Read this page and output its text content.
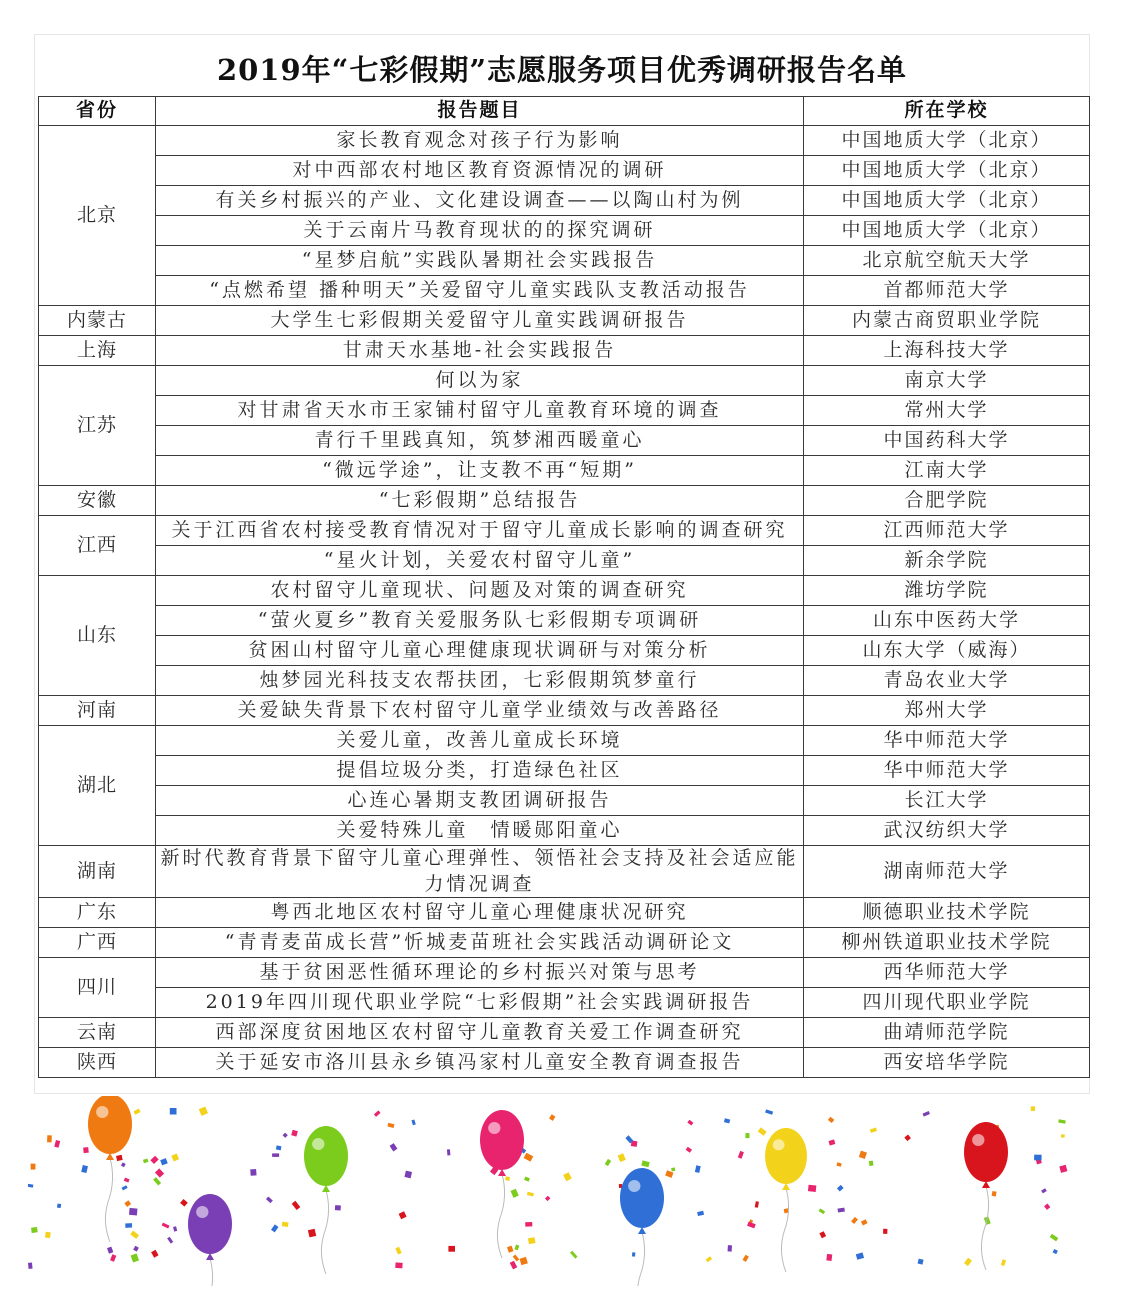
2019年“七彩假期”志愿服务项目优秀调研报告名单
省份	报告题目	所在学校
北京	家长教育观念对孩子行为影响	中国地质大学（北京）
	对中西部农村地区教育资源情况的调研	中国地质大学（北京）
	有关乡村振兴的产业、文化建设调查——以陶山村为例	中国地质大学（北京）
	关于云南片马教育现状的的探究调研	中国地质大学（北京）
	“星梦启航”实践队暑期社会实践报告	北京航空航天大学
	“点燃希望 播种明天”关爱留守儿童实践队支教活动报告	首都师范大学
内蒙古	大学生七彩假期关爱留守儿童实践调研报告	内蒙古商贸职业学院
上海	甘肃天水基地-社会实践报告	上海科技大学
江苏	何以为家	南京大学
	对甘肃省天水市王家铺村留守儿童教育环境的调查	常州大学
	青行千里践真知，筑梦湘西暖童心	中国药科大学
	“微远学途”，让支教不再“短期”	江南大学
安徽	“七彩假期”总结报告	合肥学院
江西	关于江西省农村接受教育情况对于留守儿童成长影响的调查研究	江西师范大学
	“星火计划，关爱农村留守儿童”	新余学院
山东	农村留守儿童现状、问题及对策的调查研究	潍坊学院
	“萤火夏乡”教育关爱服务队七彩假期专项调研	山东中医药大学
	贫困山村留守儿童心理健康现状调研与对策分析	山东大学（威海）
	烛梦园光科技支农帮扶团，七彩假期筑梦童行	青岛农业大学
河南	关爱缺失背景下农村留守儿童学业绩效与改善路径	郑州大学
湖北	关爱儿童，改善儿童成长环境	华中师范大学
	提倡垃圾分类，打造绿色社区	华中师范大学
	心连心暑期支教团调研报告	长江大学
	关爱特殊儿童　情暖郧阳童心	武汉纺织大学
湖南	新时代教育背景下留守儿童心理弹性、领悟社会支持及社会适应能力情况调查	湖南师范大学
广东	粤西北地区农村留守儿童心理健康状况研究	顺德职业技术学院
广西	“青青麦苗成长营”忻城麦苗班社会实践活动调研论文	柳州铁道职业技术学院
四川	基于贫困恶性循环理论的乡村振兴对策与思考	西华师范大学
	2019年四川现代职业学院“七彩假期”社会实践调研报告	四川现代职业学院
云南	西部深度贫困地区农村留守儿童教育关爱工作调查研究	曲靖师范学院
陕西	关于延安市洛川县永乡镇冯家村儿童安全教育调查报告	西安培华学院
